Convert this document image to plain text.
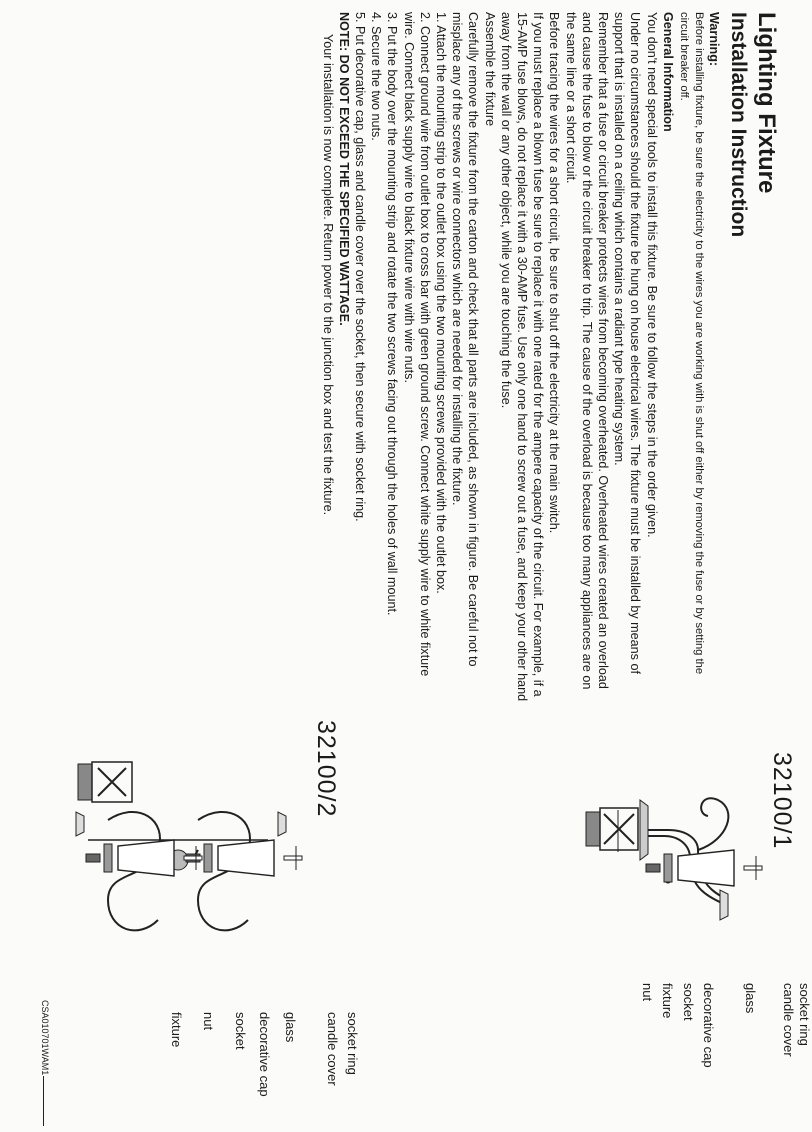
Lighting Fixture

Installation Instruction

Warning:

Before installing fixture, be sure the electricity to the wires you are working with is shut off either by removing the fuse or by setting the circuit breaker off.

General Information

You don't need special tools to install this fixture. Be sure to follow the steps in the order given.

Under no circumstances should the fixture be hung on house electrical wires. The fixture must be installed by means of support that is installed on a ceiling which contains a radiant type heating system.

Remember that a fuse or circuit breaker protects wires from becoming overheated. Overheated wires created an overload and cause the fuse to blow or the circuit breaker to trip. The cause of the overload is because too many appliances are on the same line or a short circuit.

Before tracing the wires for a short circuit, be sure to shut off the electricity at the main switch.

If you must replace a blown fuse be sure to replace it with one rated for the ampere capacity of the circuit. For example, if a 15-AMP fuse blows, do not replace it with a 30-AMP fuse. Use only one hand to screw out a fuse, and keep your other hand away from the wall or any other object, while you are touching the fuse.

Assemble the fixture

Carefully remove the fixture from the carton and check that all parts are included, as shown in figure. Be careful not to misplace any of the screws or wire connectors which are needed for installing the fixture.

1. Attach the mounting strip to the outlet box using the two mounting screws provided with the outlet box.

2. Connect ground wire from outlet box to cross bar with green ground screw. Connect white supply wire to white fixture wire. Connect black supply wire to black fixture wire with wire nuts.

3. Put the body over the mounting strip and rotate the two screws facing out through the holes of wall mount.

4. Secure the two nuts.

5. Put decorative cap, glass and candle cover over the socket, then secure with socket ring.

NOTE: DO NOT EXCEED THE SPECIFIED WATTAGE.

Your installation is now complete. Return power to the junction box and test the fixture.

32100/1
socket ring
candle cover
glass
decorative cap
socket
fixture
nut
32100/2
socket ring
candle cover
glass
decorative cap
socket
nut
fixture
CSA010701WAM1
